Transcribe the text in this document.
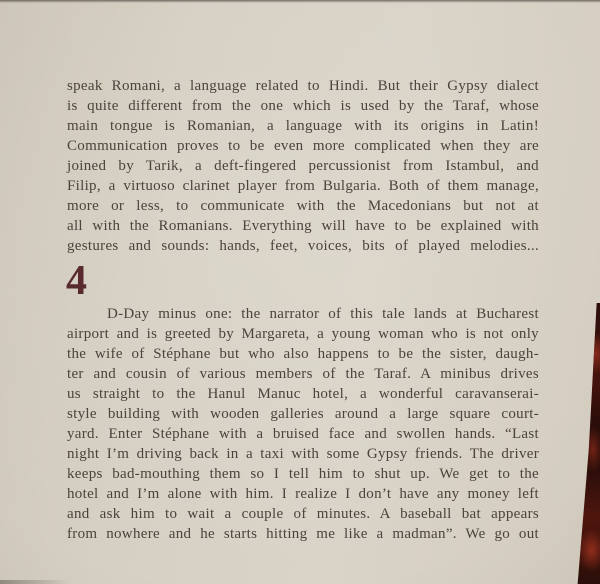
speak Romani, a language related to Hindi. But their Gypsy dialect
is quite different from the one which is used by the Taraf, whose
main tongue is Romanian, a language with its origins in Latin!
Communication proves to be even more complicated when they are
joined by Tarik, a deft-fingered percussionist from Istambul, and
Filip, a virtuoso clarinet player from Bulgaria. Both of them manage,
more or less, to communicate with the Macedonians but not at
all with the Romanians. Everything will have to be explained with
gestures and sounds: hands, feet, voices, bits of played melodies...
4
D-Day minus one: the narrator of this tale lands at Bucharest
airport and is greeted by Margareta, a young woman who is not only
the wife of Stéphane but who also happens to be the sister, daugh-
ter and cousin of various members of the Taraf. A minibus drives
us straight to the Hanul Manuc hotel, a wonderful caravanserai-
style building with wooden galleries around a large square court-
yard. Enter Stéphane with a bruised face and swollen hands. “Last
night I’m driving back in a taxi with some Gypsy friends. The driver
keeps bad-mouthing them so I tell him to shut up. We get to the
hotel and I’m alone with him. I realize I don’t have any money left
and ask him to wait a couple of minutes. A baseball bat appears
from nowhere and he starts hitting me like a madman”. We go out
